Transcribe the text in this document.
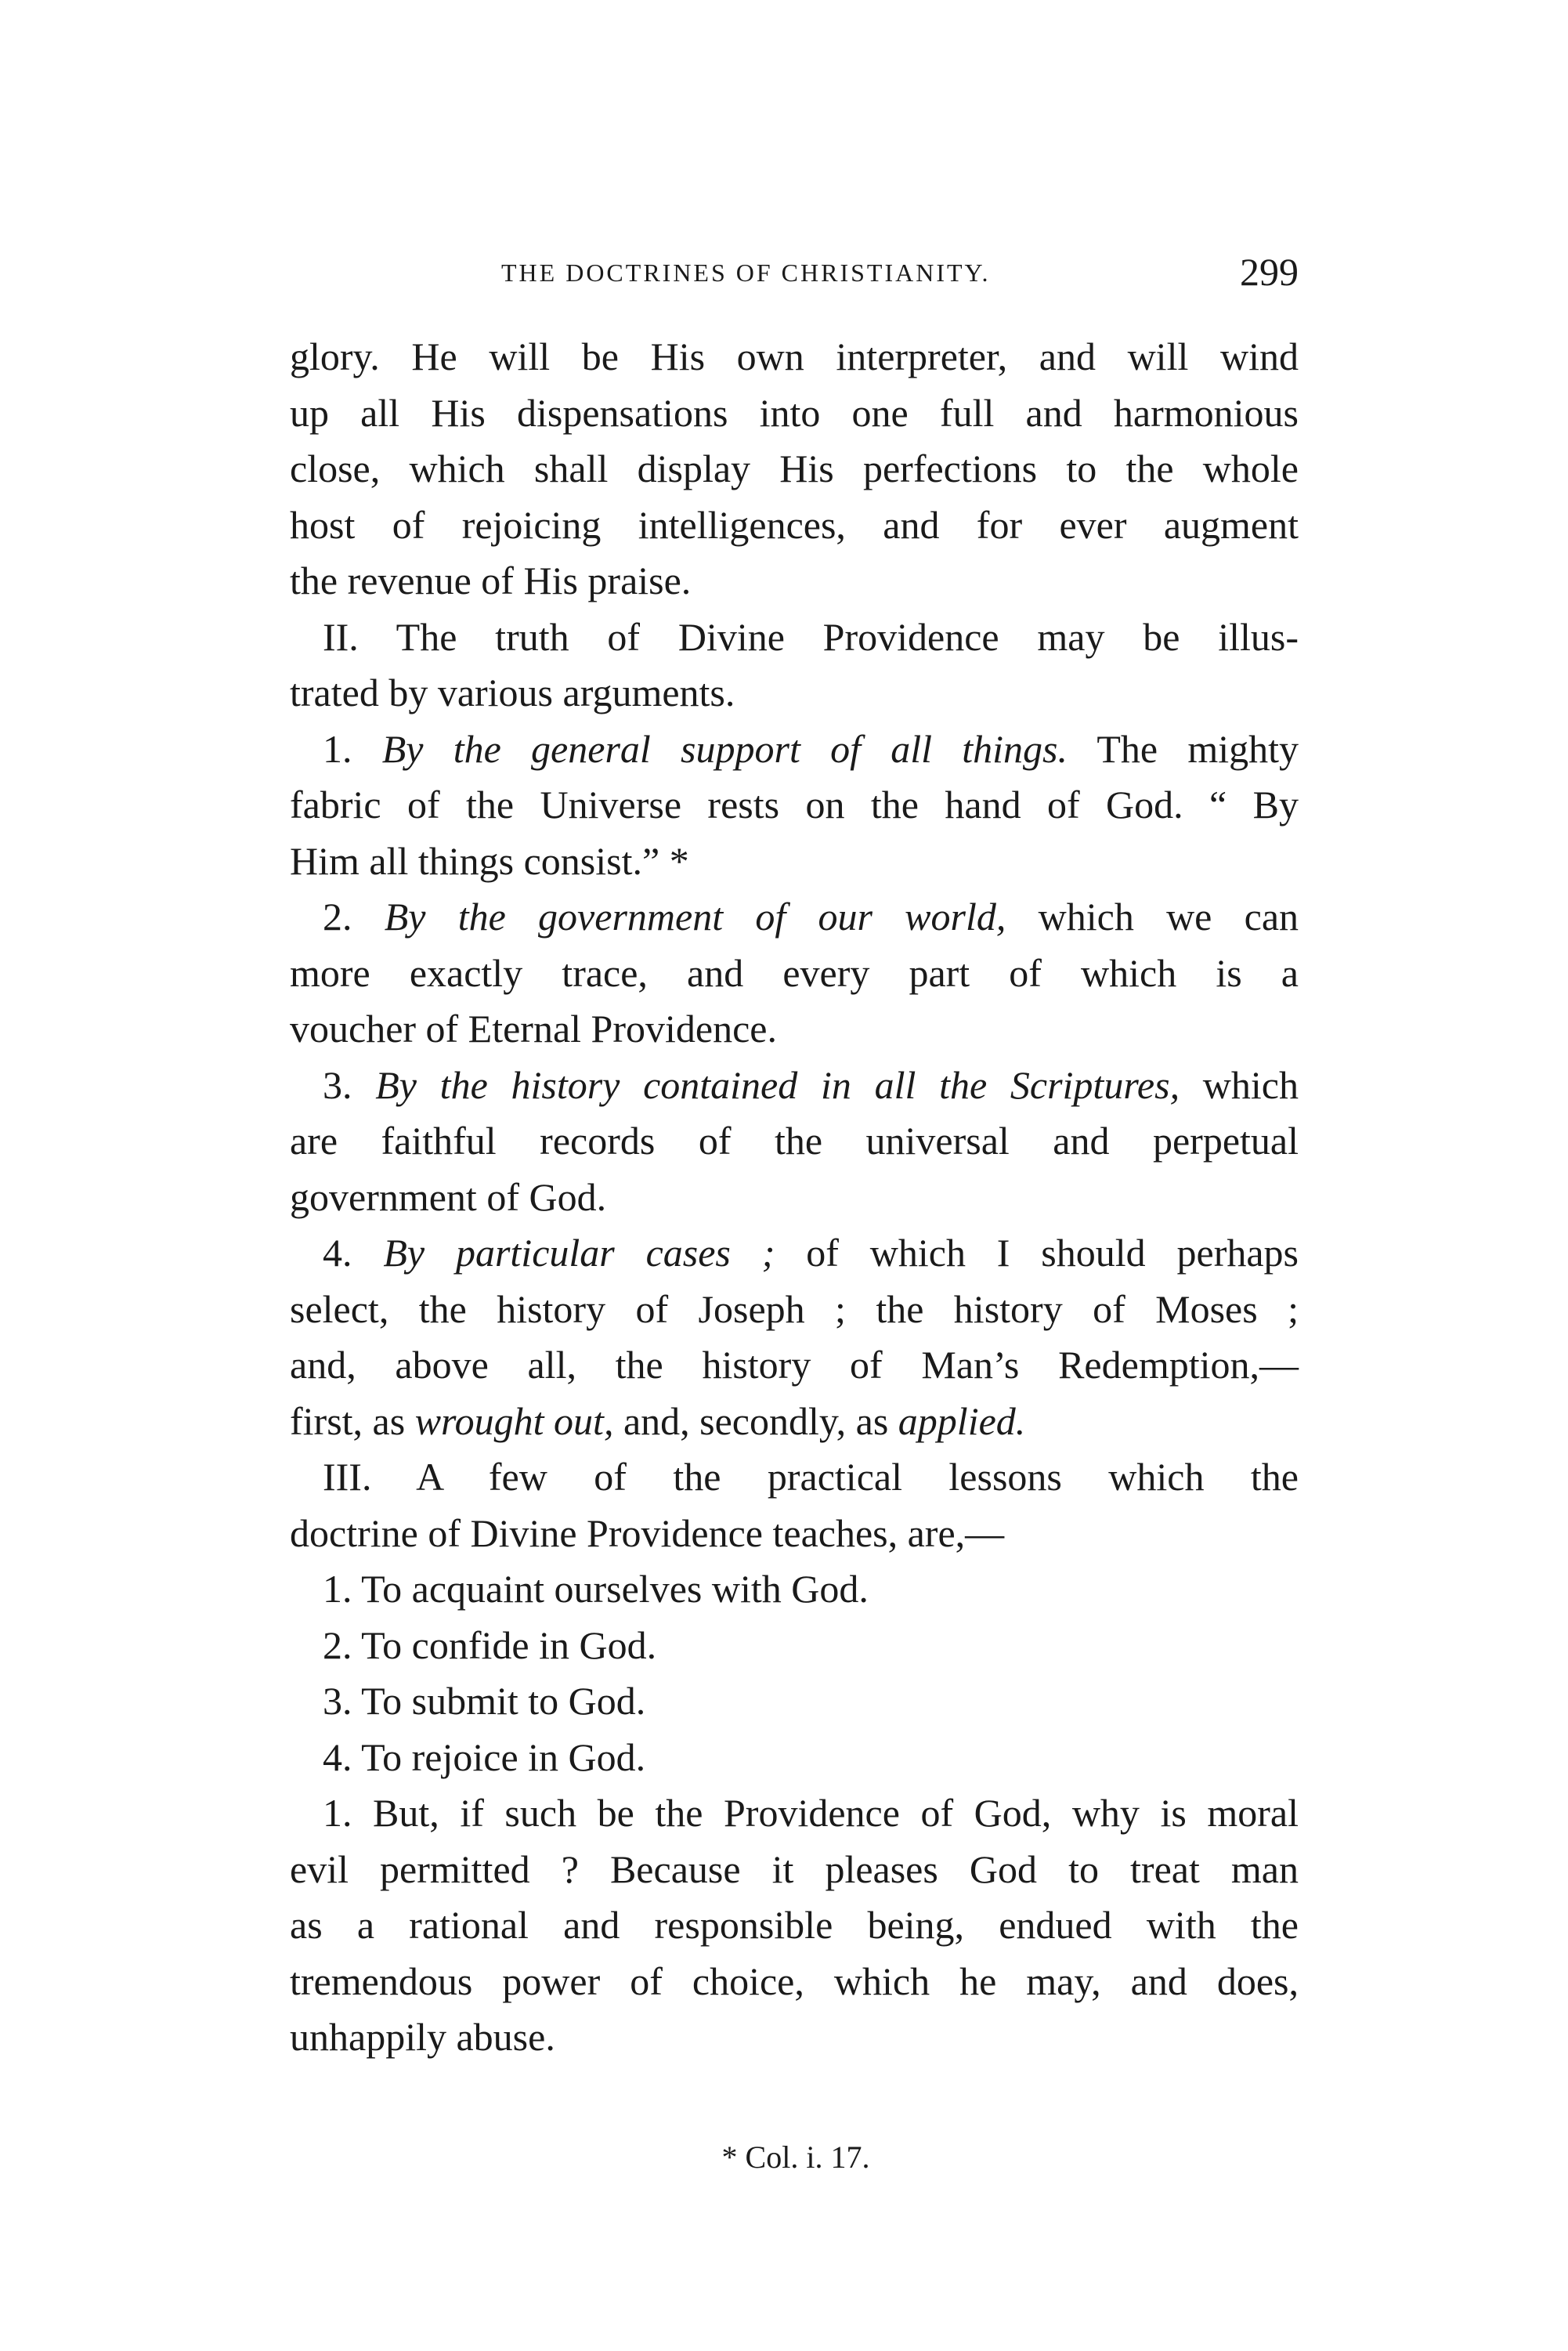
THE DOCTRINES OF CHRISTIANITY.	299
glory. He will be His own interpreter, and will wind
up all His dispensations into one full and harmonious
close, which shall display His perfections to the whole
host of rejoicing intelligences, and for ever augment
the revenue of His praise.
II. The truth of Divine Providence may be illus-
trated by various arguments.
1. By the general support of all things. The mighty
fabric of the Universe rests on the hand of God. “ By
Him all things consist.” *
2. By the government of our world, which we can
more exactly trace, and every part of which is a
voucher of Eternal Providence.
3. By the history contained in all the Scriptures, which
are faithful records of the universal and perpetual
government of God.
4. By particular cases ; of which I should perhaps
select, the history of Joseph ; the history of Moses ;
and, above all, the history of Man’s Redemption,—
first, as wrought out, and, secondly, as applied.
III. A few of the practical lessons which the
doctrine of Divine Providence teaches, are,—
1. To acquaint ourselves with God.
2. To confide in God.
3. To submit to God.
4. To rejoice in God.
1. But, if such be the Providence of God, why is moral
evil permitted ? Because it pleases God to treat man
as a rational and responsible being, endued with the
tremendous power of choice, which he may, and does,
unhappily abuse.
* Col. i. 17.
